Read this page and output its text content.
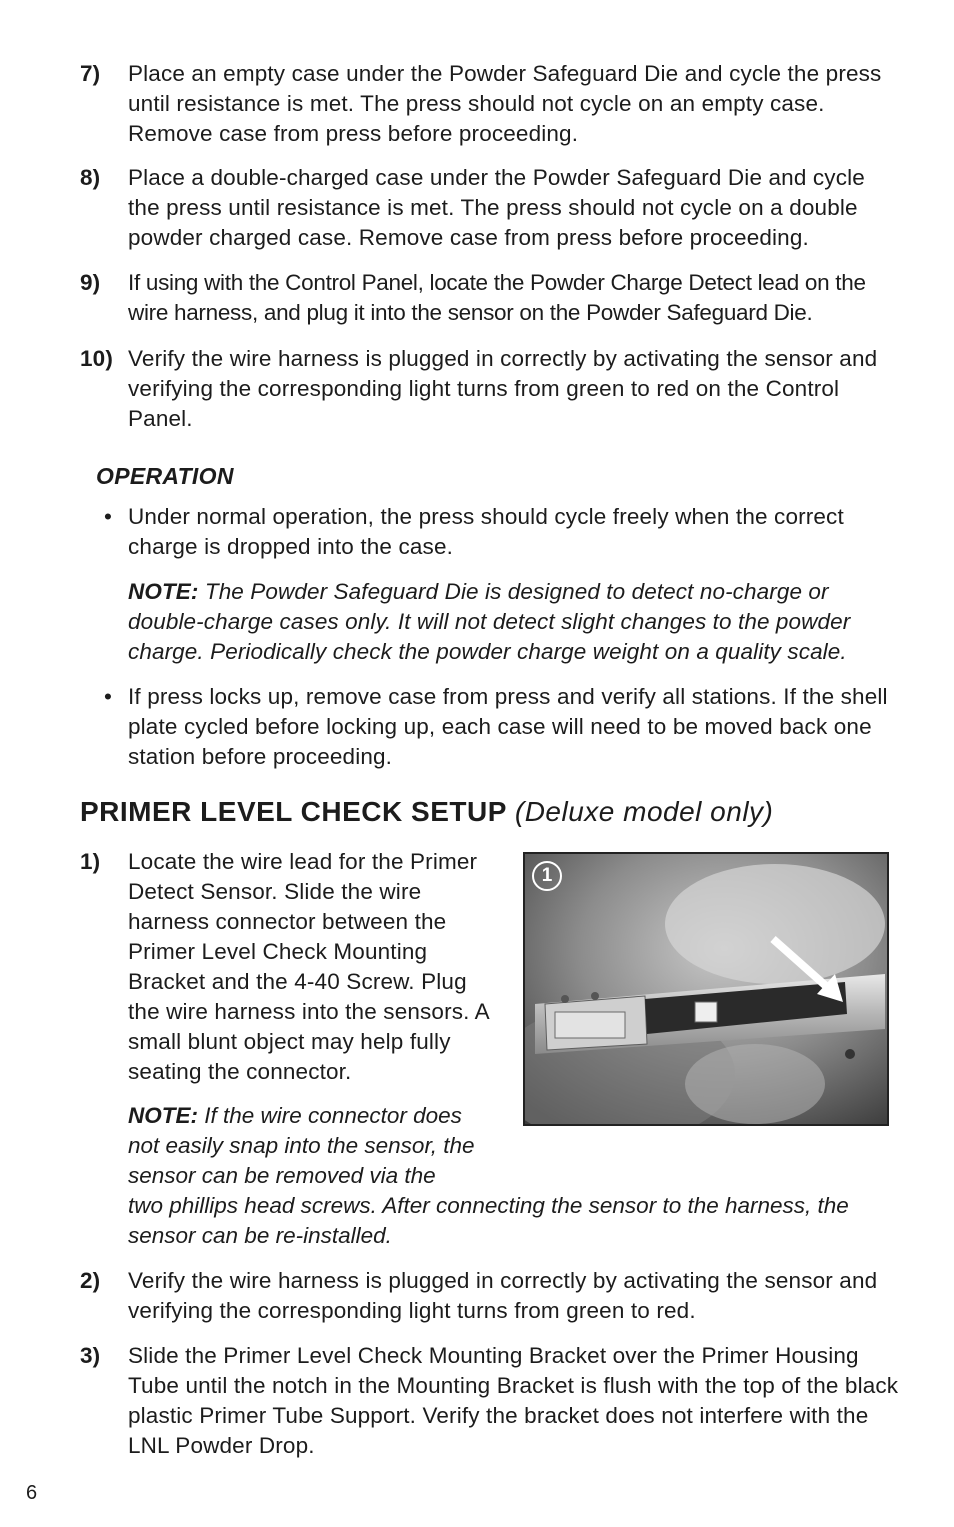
7) Place an empty case under the Powder Safeguard Die and cycle the press until resistance is met. The press should not cycle on an empty case. Remove case from press before proceeding.
8) Place a double-charged case under the Powder Safeguard Die and cycle the press until resistance is met. The press should not cycle on a double powder charged case. Remove case from press before proceeding.
9) If using with the Control Panel, locate the Powder Charge Detect lead on the wire harness, and plug it into the sensor on the Powder Safeguard Die.
10) Verify the wire harness is plugged in correctly by activating the sensor and verifying the corresponding light turns from green to red on the Control Panel.
OPERATION
• Under normal operation, the press should cycle freely when the correct charge is dropped into the case.
NOTE: The Powder Safeguard Die is designed to detect no-charge or double-charge cases only. It will not detect slight changes to the powder charge. Periodically check the powder charge weight on a quality scale.
• If press locks up, remove case from press and verify all stations. If the shell plate cycled before locking up, each case will need to be moved back one station before proceeding.
PRIMER LEVEL CHECK SETUP (Deluxe model only)
1) Locate the wire lead for the Primer Detect Sensor. Slide the wire harness connector between the Primer Level Check Mounting Bracket and the 4-40 Screw. Plug the wire harness into the sensors. A small blunt object may help fully seating the connector.
NOTE: If the wire connector does not easily snap into the sensor, the sensor can be removed via the
two phillips head screws. After connecting the sensor to the harness, the sensor can be re-installed.
1
2) Verify the wire harness is plugged in correctly by activating the sensor and verifying the corresponding light turns from green to red.
3) Slide the Primer Level Check Mounting Bracket over the Primer Housing Tube until the notch in the Mounting Bracket is flush with the top of the black plastic Primer Tube Support. Verify the bracket does not interfere with the LNL Powder Drop.
6
